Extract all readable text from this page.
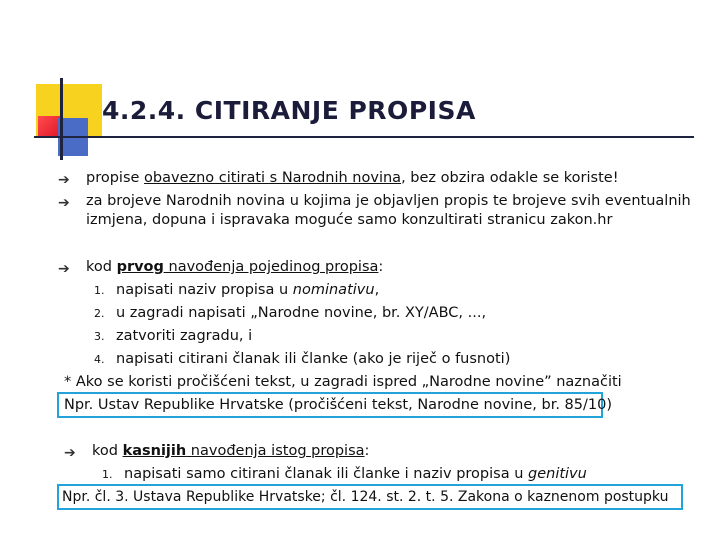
4.2.4. CITIRANJE PROPISA
➔ propise obavezno citirati s Narodnih novina, bez obzira odakle se koriste!
➔ za brojeve Narodnih novina u kojima je objavljen propis te brojeve svih eventualnih
izmjena, dopuna i ispravaka moguće samo konzultirati stranicu zakon.hr
➔ kod prvog navođenja pojedinog propisa:
1. napisati naziv propisa u nominativu,
2. u zagradi napisati „Narodne novine, br. XY/ABC, ...,
3. zatvoriti zagradu, i
4. napisati citirani članak ili članke (ako je riječ o fusnoti)
* Ako se koristi pročišćeni tekst, u zagradi ispred „Narodne novine” naznačiti
Npr. Ustav Republike Hrvatske (pročišćeni tekst, Narodne novine, br. 85/10)
➔ kod kasnijih navođenja istog propisa:
1. napisati samo citirani članak ili članke i naziv propisa u genitivu
Npr. čl. 3. Ustava Republike Hrvatske; čl. 124. st. 2. t. 5. Zakona o kaznenom postupku
